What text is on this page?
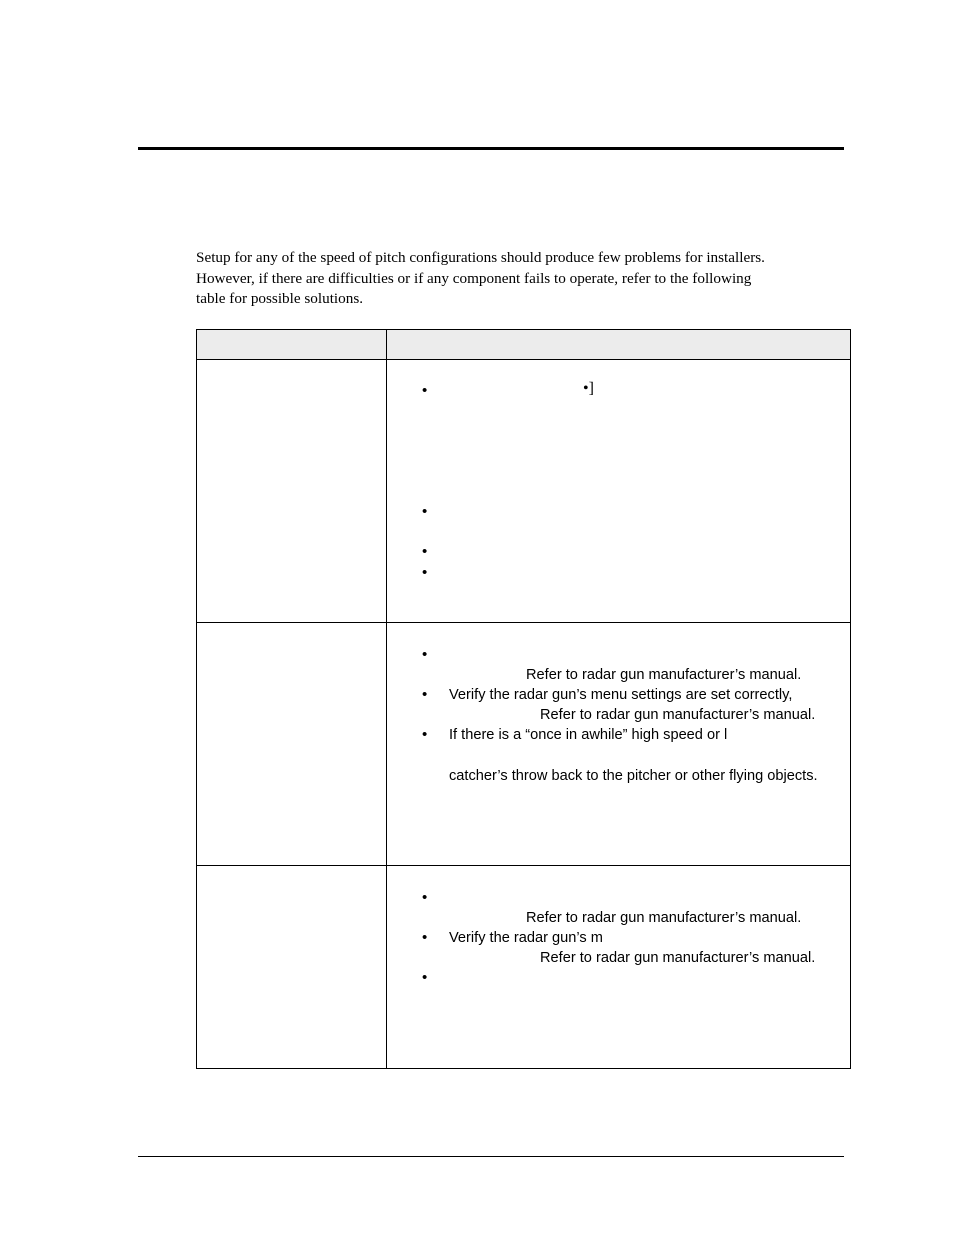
Setup for any of the speed of pitch configurations should produce few problems for installers.
However, if there are difficulties or if any component fails to operate, refer to the following
table for possible solutions.

•	•]
•
•
•
•
Refer to radar gun manufacturer’s manual.
• Verify the radar gun’s menu settings are set correctly,
Refer to radar gun manufacturer’s manual.
• If there is a “once in awhile” high speed or l
catcher’s throw back to the pitcher or other flying objects.
•
Refer to radar gun manufacturer’s manual.
• Verify the radar gun’s m
Refer to radar gun manufacturer’s manual.
•
